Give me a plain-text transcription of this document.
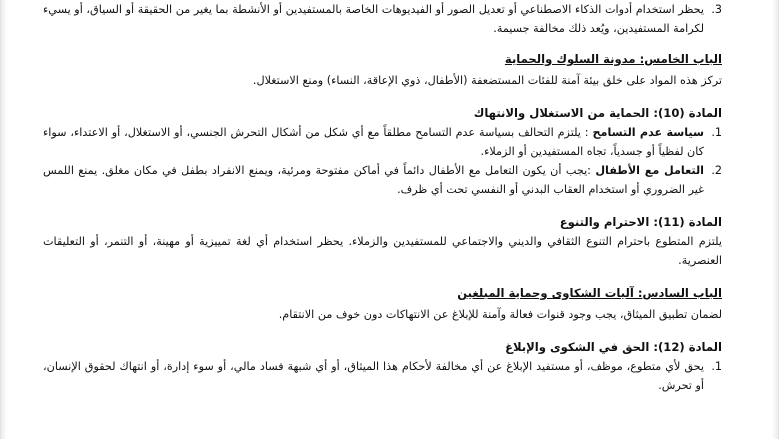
3.

يحظر استخدام أدوات الذكاء الاصطناعي أو تعديل الصور أو الفيديوهات الخاصة بالمستفيدين أو الأنشطة بما يغير من الحقيقة أو السياق، أو يسيء لكرامة المستفيدين، ويُعد ذلك مخالفة جسيمة.

الباب الخامس: مدونة السلوك والحماية

تركز هذه المواد على خلق بيئة آمنة للفئات المستضعفة (الأطفال، ذوي الإعاقة، النساء) ومنع الاستغلال.

المادة (10): الحماية من الاستغلال والانتهاك

1.

سياسة عدم التسامح : يلتزم التحالف بسياسة عدم التسامح مطلقاً مع أي شكل من أشكال التحرش الجنسي، أو الاستغلال، أو الاعتداء، سواء كان لفظياً أو جسدياً، تجاه المستفيدين أو الزملاء.

2.

التعامل مع الأطفال :يجب أن يكون التعامل مع الأطفال دائماً في أماكن مفتوحة ومرئية، ويمنع الانفراد بطفل في مكان مغلق. يمنع اللمس غير الضروري أو استخدام العقاب البدني أو النفسي تحت أي ظرف.

المادة (11): الاحترام والتنوع

يلتزم المتطوع باحترام التنوع الثقافي والديني والاجتماعي للمستفيدين والزملاء. يحظر استخدام أي لغة تمييزية أو مهينة، أو التنمر، أو التعليقات العنصرية.

الباب السادس: آليات الشكاوى وحماية المبلغين

لضمان تطبيق الميثاق، يجب وجود قنوات فعالة وآمنة للإبلاغ عن الانتهاكات دون خوف من الانتقام.

المادة (12): الحق في الشكوى والإبلاغ

1.

يحق لأي متطوع، موظف، أو مستفيد الإبلاغ عن أي مخالفة لأحكام هذا الميثاق، أو أي شبهة فساد مالي، أو سوء إدارة، أو انتهاك لحقوق الإنسان، أو تحرش.
